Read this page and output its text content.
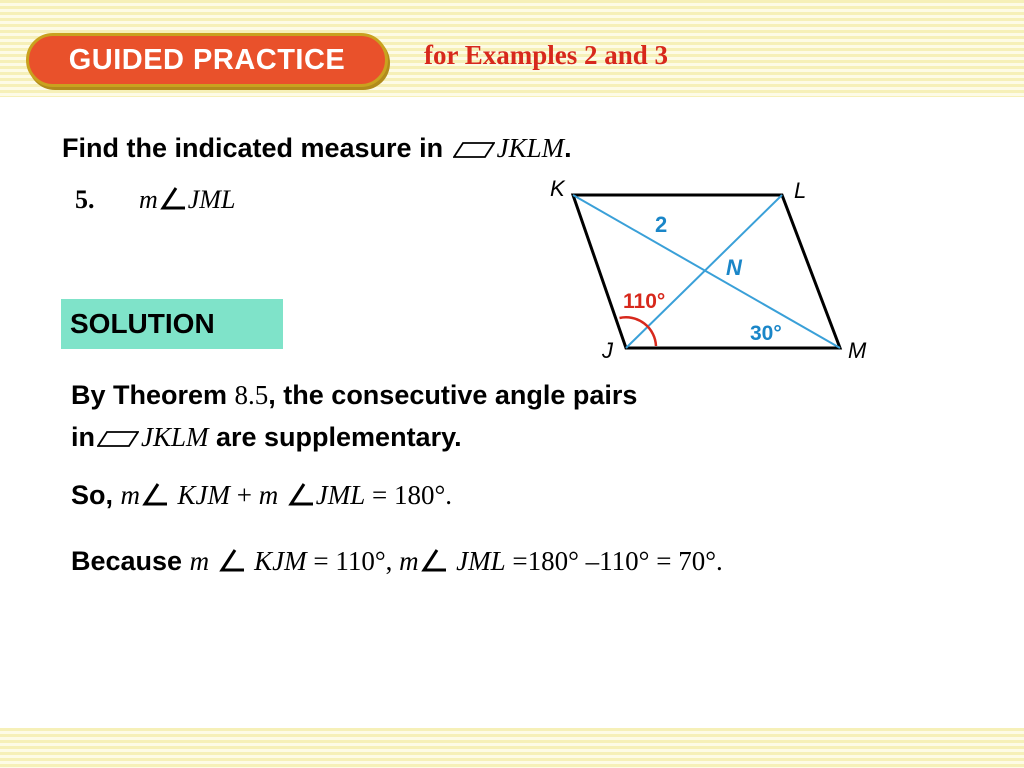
GUIDED PRACTICE	for Examples 2 and 3
Find the indicated measure in JKLM.
5. m JML
SOLUTION
By Theorem 8.5, the consecutive angle pairs
in JKLM are supplementary.
So, m KJM + m JML = 180°.
Because m KJM = 110°, m JML =180° –110° = 70°.
K	L
J	M
N
2
110°
30°
